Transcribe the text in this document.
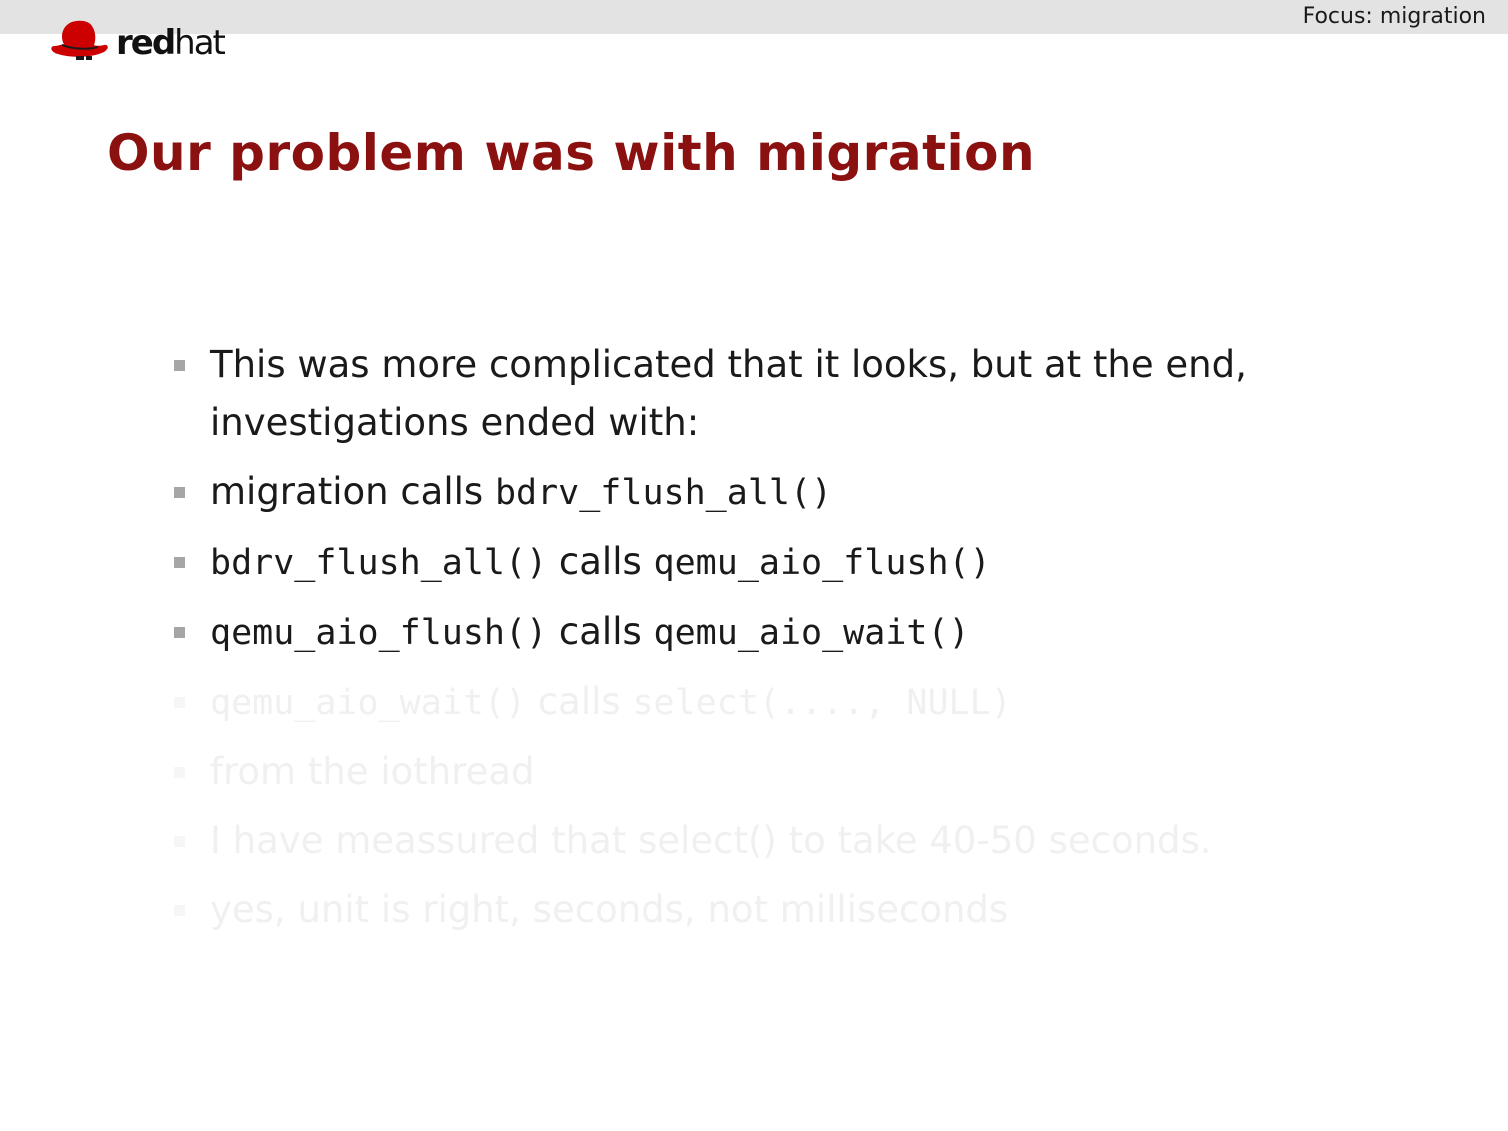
Focus: migration
redhat
Our problem was with migration
This was more complicated that it looks, but at the end, investigations ended with:
migration calls bdrv_flush_all()
bdrv_flush_all() calls qemu_aio_flush()
qemu_aio_flush() calls qemu_aio_wait()
qemu_aio_wait() calls select(...., NULL)
from the iothread
I have meassured that select() to take 40-50 seconds.
yes, unit is right, seconds, not milliseconds
